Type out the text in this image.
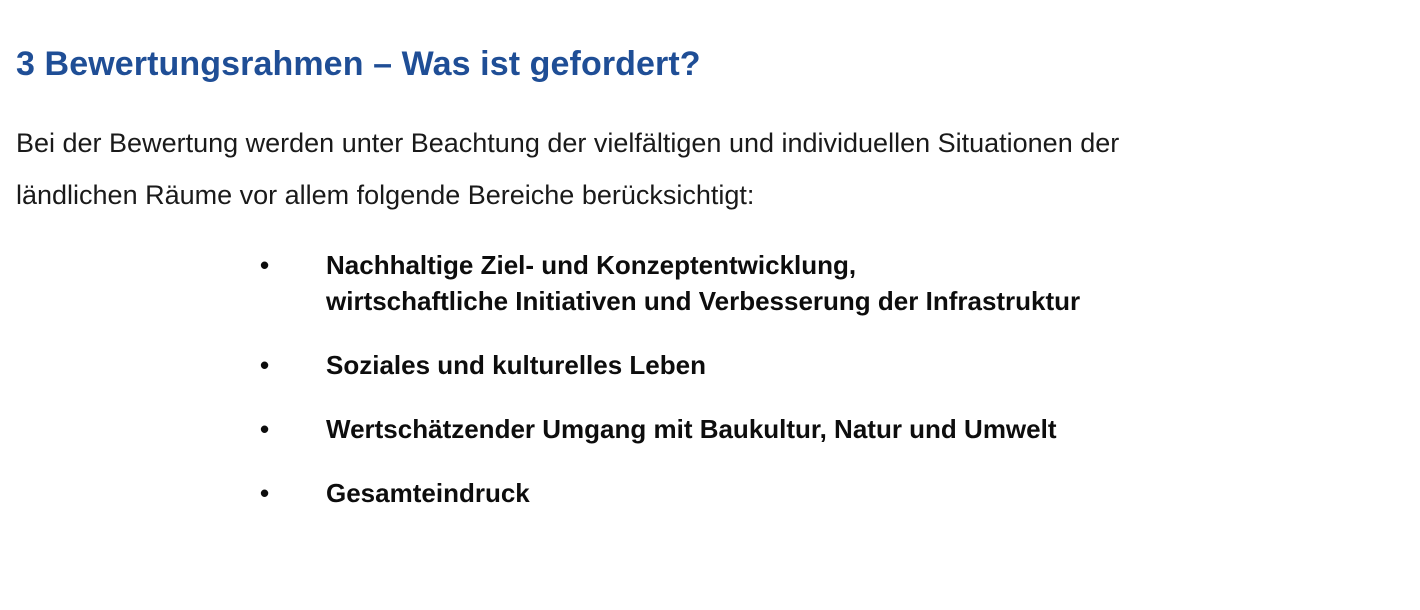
3 Bewertungsrahmen – Was ist gefordert?
Bei der Bewertung werden unter Beachtung der vielfältigen und individuellen Situationen der
ländlichen Räume vor allem folgende Bereiche berücksichtigt:
•	Nachhaltige Ziel- und Konzeptentwicklung,
wirtschaftliche Initiativen und Verbesserung der Infrastruktur
•	Soziales und kulturelles Leben
•	Wertschätzender Umgang mit Baukultur, Natur und Umwelt
•	Gesamteindruck
